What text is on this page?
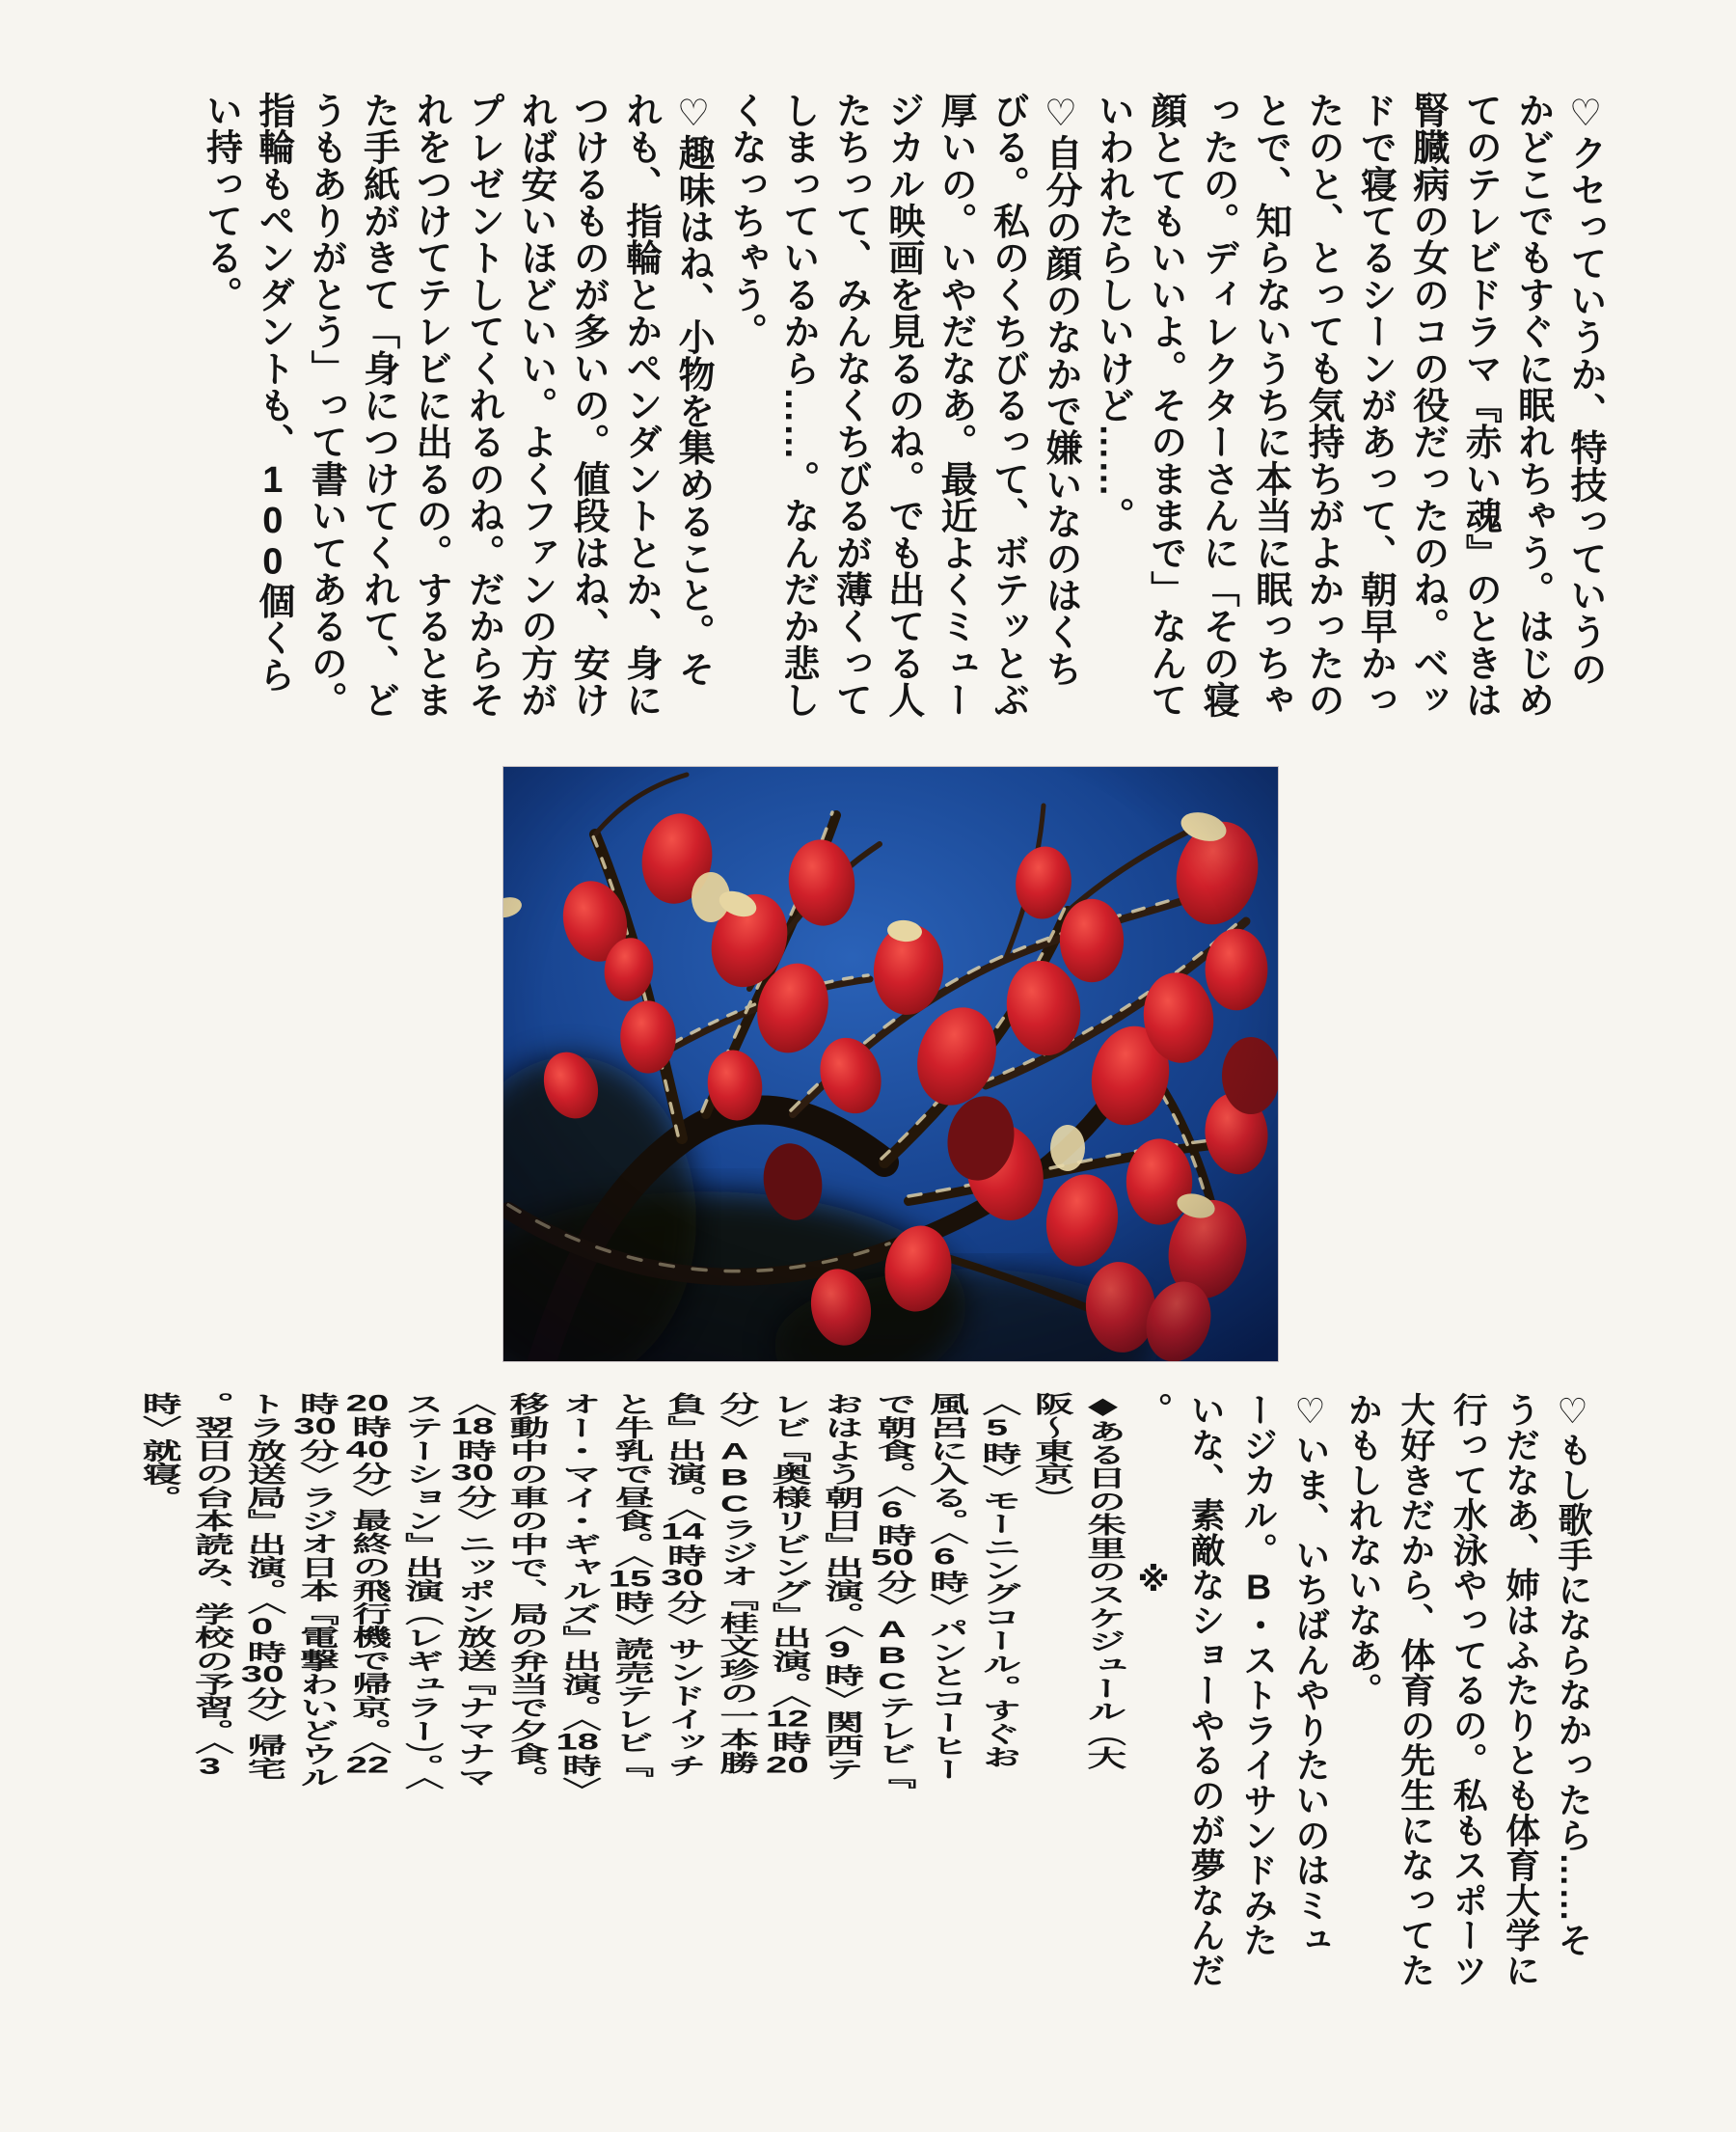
♡クセっていうか、特技っていうのかどこでもすぐに眠れちゃう。はじめてのテレビドラマ『赤い魂』のときは腎臓病の女のコの役だったのね。ベッドで寝てるシーンがあって、朝早かったのと、とっても気持ちがよかったのとで、知らないうちに本当に眠っちゃったの。ディレクターさんに「その寝顔とてもいいよ。そのままで」なんていわれたらしいけど……。

♡自分の顔のなかで嫌いなのはくちびる。私のくちびるって、ボテッとぶ厚いの。いやだなあ。最近よくミュージカル映画を見るのね。でも出てる人たちって、みんなくちびるが薄くってしまっているから……。なんだか悲しくなっちゃう。

♡趣味はね、小物を集めること。それも、指輪とかペンダントとか、身につけるものが多いの。値段はね、安ければ安いほどいい。よくファンの方がプレゼントしてくれるのね。だからそれをつけてテレビに出るの。するとまた手紙がきて「身につけてくれて、どうもありがとう」って書いてあるの。指輪もペンダントも、100個くらい持ってる。

♡もし歌手にならなかったら……そうだなあ、姉はふたりとも体育大学に行って水泳やってるの。私もスポーツ大好きだから、体育の先生になってたかもしれないなあ。

♡いま、いちばんやりたいのはミュージカル。B・ストライサンドみたいな、素敵なショーやるのが夢なんだ。

※

◆ある日の朱里のスケジュール（大阪〜東京）

〈5時〉モーニングコール。すぐお風呂に入る。〈6時〉パンとコーヒーで朝食。〈6時50分〉ABCテレビ『おはよう朝日』出演。〈9時〉関西テレビ『奥様リビング』出演。〈12時20分〉ABCラジオ『桂文珍の一本勝負』出演。〈14時30分〉サンドイッチと牛乳で昼食。〈15時〉読売テレビ『オー・マイ・ギャルズ』出演。〈18時〉移動中の車の中で、局の弁当で夕食。〈18時30分〉ニッポン放送『ナマナマステーション』出演（レギュラー）。〈20時40分〉最終の飛行機で帰京。〈22時30分〉ラジオ日本『電撃わいどウルトラ放送局』出演。〈0時30分〉帰宅。翌日の台本読み、学校の予習。〈3時〉就寝。
